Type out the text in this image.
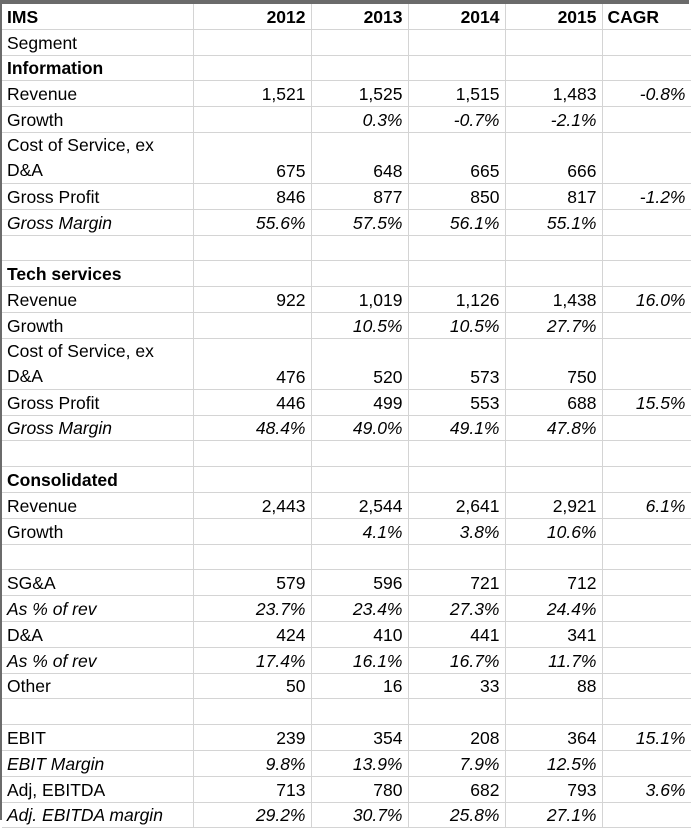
IMS	2012	2013	2014	2015	CAGR
Segment					
Information					
Revenue	1,521	1,525	1,515	1,483	-0.8%
Growth		0.3%	-0.7%	-2.1%	
Cost of Service, ex D&A	675	648	665	666	
Gross Profit	846	877	850	817	-1.2%
Gross Margin	55.6%	57.5%	56.1%	55.1%	

Tech services					
Revenue	922	1,019	1,126	1,438	16.0%
Growth		10.5%	10.5%	27.7%	
Cost of Service, ex D&A	476	520	573	750	
Gross Profit	446	499	553	688	15.5%
Gross Margin	48.4%	49.0%	49.1%	47.8%	

Consolidated					
Revenue	2,443	2,544	2,641	2,921	6.1%
Growth		4.1%	3.8%	10.6%	

SG&A	579	596	721	712	
As % of rev	23.7%	23.4%	27.3%	24.4%	
D&A	424	410	441	341	
As % of rev	17.4%	16.1%	16.7%	11.7%	
Other	50	16	33	88	

EBIT	239	354	208	364	15.1%
EBIT Margin	9.8%	13.9%	7.9%	12.5%	
Adj, EBITDA	713	780	682	793	3.6%
Adj. EBITDA margin	29.2%	30.7%	25.8%	27.1%	
